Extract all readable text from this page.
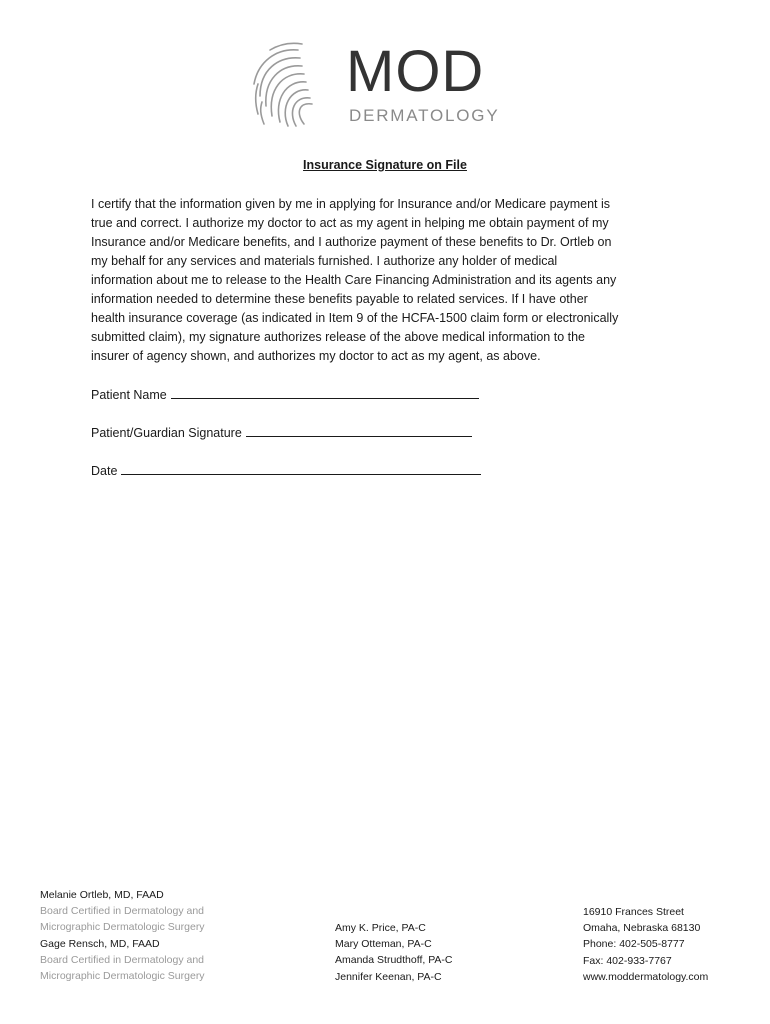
MOD
DERMATOLOGY
Insurance Signature on File
I certify that the information given by me in applying for Insurance and/or Medicare payment is
true and correct. I authorize my doctor to act as my agent in helping me obtain payment of my
Insurance and/or Medicare benefits, and I authorize payment of these benefits to Dr. Ortleb on
my behalf for any services and materials furnished. I authorize any holder of medical
information about me to release to the Health Care Financing Administration and its agents any
information needed to determine these benefits payable to related services. If I have other
health insurance coverage (as indicated in Item 9 of the HCFA-1500 claim form or electronically
submitted claim), my signature authorizes release of the above medical information to the
insurer of agency shown, and authorizes my doctor to act as my agent, as above.
Patient Name
Patient/Guardian Signature
Date
Melanie Ortleb, MD, FAAD
Board Certified in Dermatology and
Micrographic Dermatologic Surgery
Gage Rensch, MD, FAAD
Board Certified in Dermatology and
Micrographic Dermatologic Surgery
Amy K. Price, PA-C
Mary Otteman, PA-C
Amanda Strudthoff, PA-C
Jennifer Keenan, PA-C
16910 Frances Street
Omaha, Nebraska 68130
Phone: 402-505-8777
Fax: 402-933-7767
www.moddermatology.com
